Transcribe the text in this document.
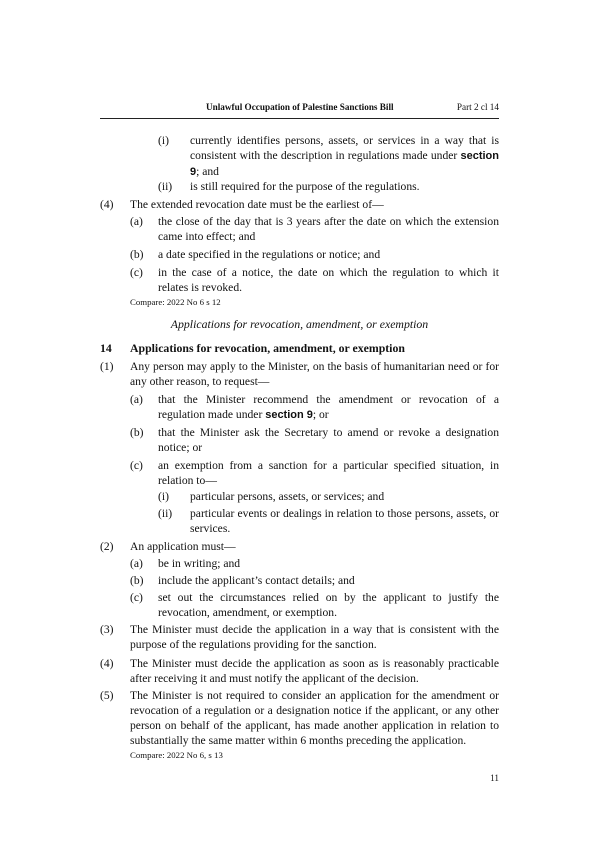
Unlawful Occupation of Palestine Sanctions Bill	Part 2 cl 14
(i) currently identifies persons, assets, or services in a way that is consistent with the description in regulations made under section 9; and
(ii) is still required for the purpose of the regulations.
(4) The extended revocation date must be the earliest of—
(a) the close of the day that is 3 years after the date on which the extension came into effect; and
(b) a date specified in the regulations or notice; and
(c) in the case of a notice, the date on which the regulation to which it relates is revoked.
Compare: 2022 No 6 s 12
Applications for revocation, amendment, or exemption
14 Applications for revocation, amendment, or exemption
(1) Any person may apply to the Minister, on the basis of humanitarian need or for any other reason, to request—
(a) that the Minister recommend the amendment or revocation of a regulation made under section 9; or
(b) that the Minister ask the Secretary to amend or revoke a designation notice; or
(c) an exemption from a sanction for a particular specified situation, in relation to—
(i) particular persons, assets, or services; and
(ii) particular events or dealings in relation to those persons, assets, or services.
(2) An application must—
(a) be in writing; and
(b) include the applicant’s contact details; and
(c) set out the circumstances relied on by the applicant to justify the revocation, amendment, or exemption.
(3) The Minister must decide the application in a way that is consistent with the purpose of the regulations providing for the sanction.
(4) The Minister must decide the application as soon as is reasonably practicable after receiving it and must notify the applicant of the decision.
(5) The Minister is not required to consider an application for the amendment or revocation of a regulation or a designation notice if the applicant, or any other person on behalf of the applicant, has made another application in relation to substantially the same matter within 6 months preceding the application.
Compare: 2022 No 6, s 13
11
